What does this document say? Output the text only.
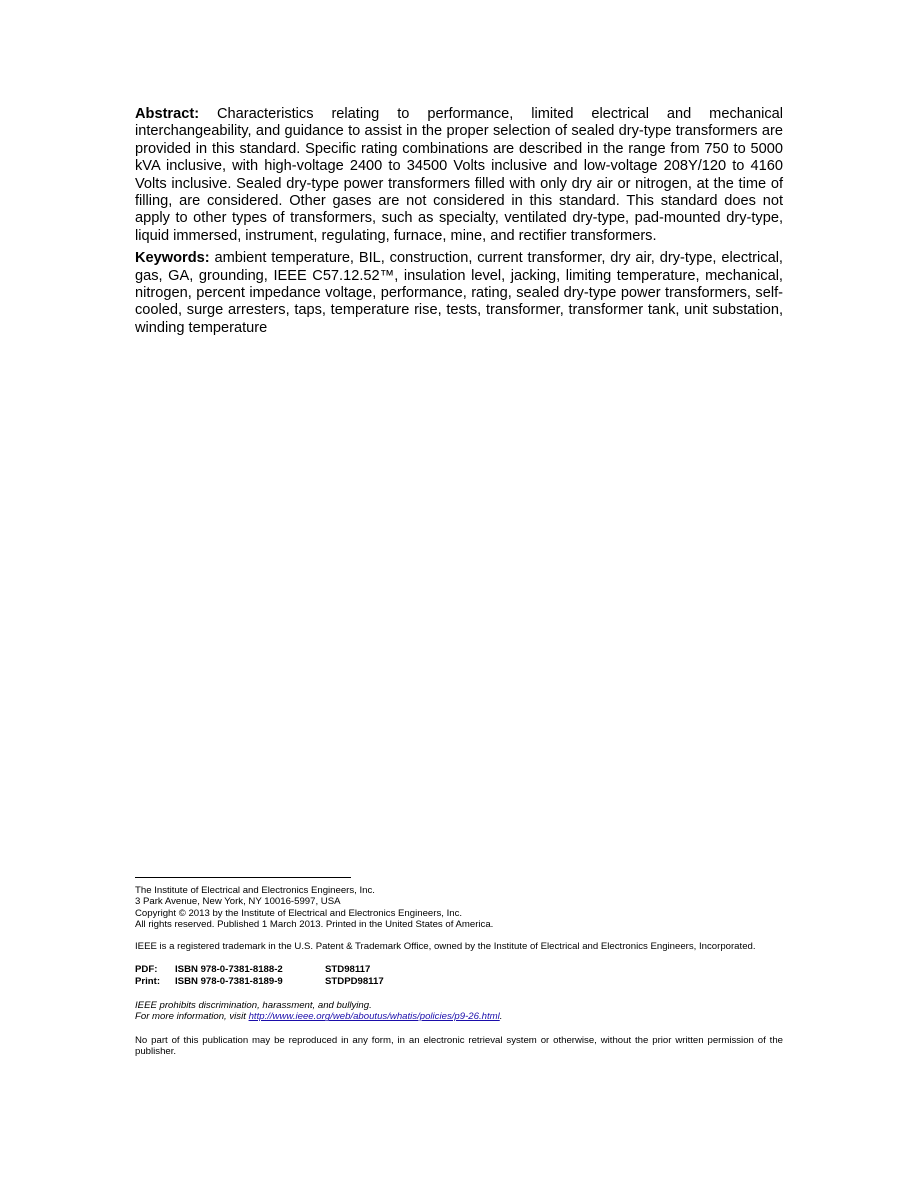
Abstract: Characteristics relating to performance, limited electrical and mechanical interchangeability, and guidance to assist in the proper selection of sealed dry-type transformers are provided in this standard. Specific rating combinations are described in the range from 750 to 5000 kVA inclusive, with high-voltage 2400 to 34500 Volts inclusive and low-voltage 208Y/120 to 4160 Volts inclusive. Sealed dry-type power transformers filled with only dry air or nitrogen, at the time of filling, are considered. Other gases are not considered in this standard. This standard does not apply to other types of transformers, such as specialty, ventilated dry-type, pad-mounted dry-type, liquid immersed, instrument, regulating, furnace, mine, and rectifier transformers.

Keywords: ambient temperature, BIL, construction, current transformer, dry air, dry-type, electrical, gas, GA, grounding, IEEE C57.12.52™, insulation level, jacking, limiting temperature, mechanical, nitrogen, percent impedance voltage, performance, rating, sealed dry-type power transformers, self-cooled, surge arresters, taps, temperature rise, tests, transformer, transformer tank, unit substation, winding temperature

The Institute of Electrical and Electronics Engineers, Inc.

3 Park Avenue, New York, NY 10016-5997, USA

Copyright © 2013 by the Institute of Electrical and Electronics Engineers, Inc.

All rights reserved. Published 1 March 2013. Printed in the United States of America.

IEEE is a registered trademark in the U.S. Patent & Trademark Office, owned by the Institute of Electrical and Electronics Engineers, Incorporated.

PDF:	ISBN 978-0-7381-8188-2	STD98117
Print:	ISBN 978-0-7381-8189-9	STDPD98117

IEEE prohibits discrimination, harassment, and bullying.

For more information, visit http://www.ieee.org/web/aboutus/whatis/policies/p9-26.html.

No part of this publication may be reproduced in any form, in an electronic retrieval system or otherwise, without the prior written permission of the publisher.
